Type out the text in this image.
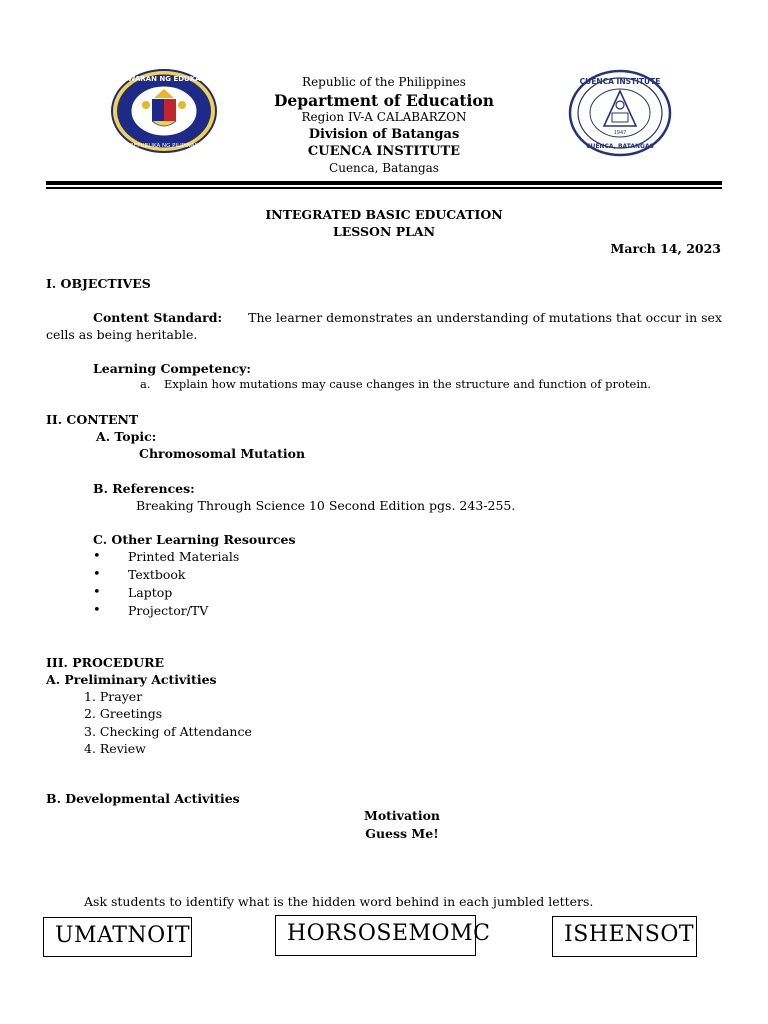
KAGAWARAN NG EDUKASYON
REPUBLIKA NG PILIPINAS
CUENCA INSTITUTE
1947
CUENCA, BATANGAS
Republic of the Philippines
Department of Education
Region IV-A CALABARZON
Division of Batangas
CUENCA INSTITUTE
Cuenca, Batangas
INTEGRATED BASIC EDUCATION
LESSON PLAN
March 14, 2023
I. OBJECTIVES
Content Standard: The learner demonstrates an understanding of mutations that occur in sex
cells as being heritable.
Learning Competency:
a. Explain how mutations may cause changes in the structure and function of protein.
II. CONTENT
A. Topic:
Chromosomal Mutation
B. References:
Breaking Through Science 10 Second Edition pgs. 243-255.
C. Other Learning Resources
• Printed Materials
• Textbook
• Laptop
• Projector/TV
III. PROCEDURE
A. Preliminary Activities
1. Prayer
2. Greetings
3. Checking of Attendance
4. Review
B. Developmental Activities
Motivation
Guess Me!
Ask students to identify what is the hidden word behind in each jumbled letters.
UMATNOIT	HORSOSEMOMC	ISHENSOT
